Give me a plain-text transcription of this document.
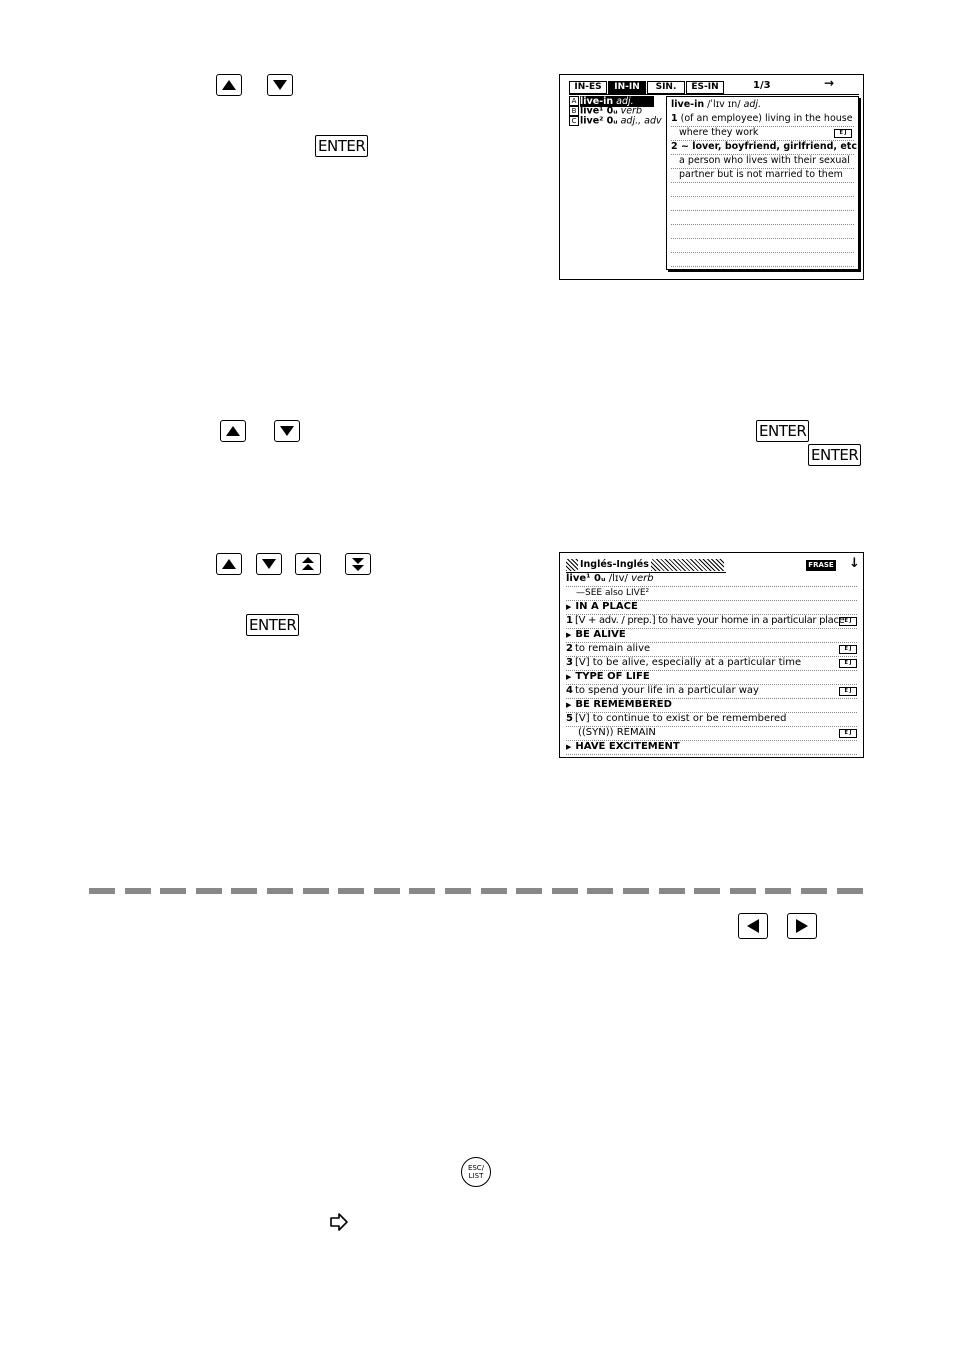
ENTER
IN-ES	IN-IN	SIN.	ES-IN	1/3	→
A live-in adj.
B live¹ 0ᵤ verb
C live² 0ᵤ adj., adv
live-in /ˈlɪv ɪn/ adj.
1 (of an employee) living in the house
where they work	E J
2 ~ lover, boyfriend, girlfriend, etc.
a person who lives with their sexual
partner but is not married to them
ENTER
ENTER
ENTER
Inglés-Inglés	FRASE ↓
live¹ 0ᵤ /lɪv/ verb
—SEE also LIVE²
▶ IN A PLACE
1 [V + adv. / prep.] to have your home in a particular place E J
▶ BE ALIVE
2 to remain alive	E J
3 [V] to be alive, especially at a particular time	E J
▶ TYPE OF LIFE
4 to spend your life in a particular way	E J
▶ BE REMEMBERED
5 [V] to continue to exist or be remembered
((SYN)) REMAIN	E J
▶ HAVE EXCITEMENT
ESC/
LIST
